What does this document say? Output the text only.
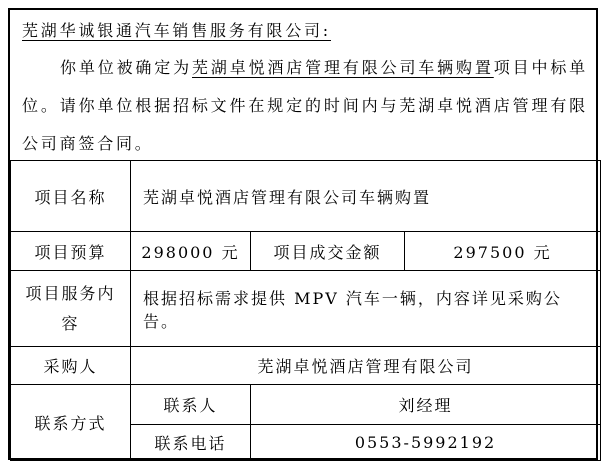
芜湖华诚银通汽车销售服务有限公司:
你单位被确定为芜湖卓悦酒店管理有限公司车辆购置项目中标单位。请你单位根据招标文件在规定的时间内与芜湖卓悦酒店管理有限公司商签合同。
项目名称	芜湖卓悦酒店管理有限公司车辆购置		
项目预算	298000 元	项目成交金额	297500 元
项目服务内容	根据招标需求提供 MPV 汽车一辆，内容详见采购公告。		
采购人	芜湖卓悦酒店管理有限公司		
联系方式	联系人	刘经理	
	联系电话	0553-5992192	
